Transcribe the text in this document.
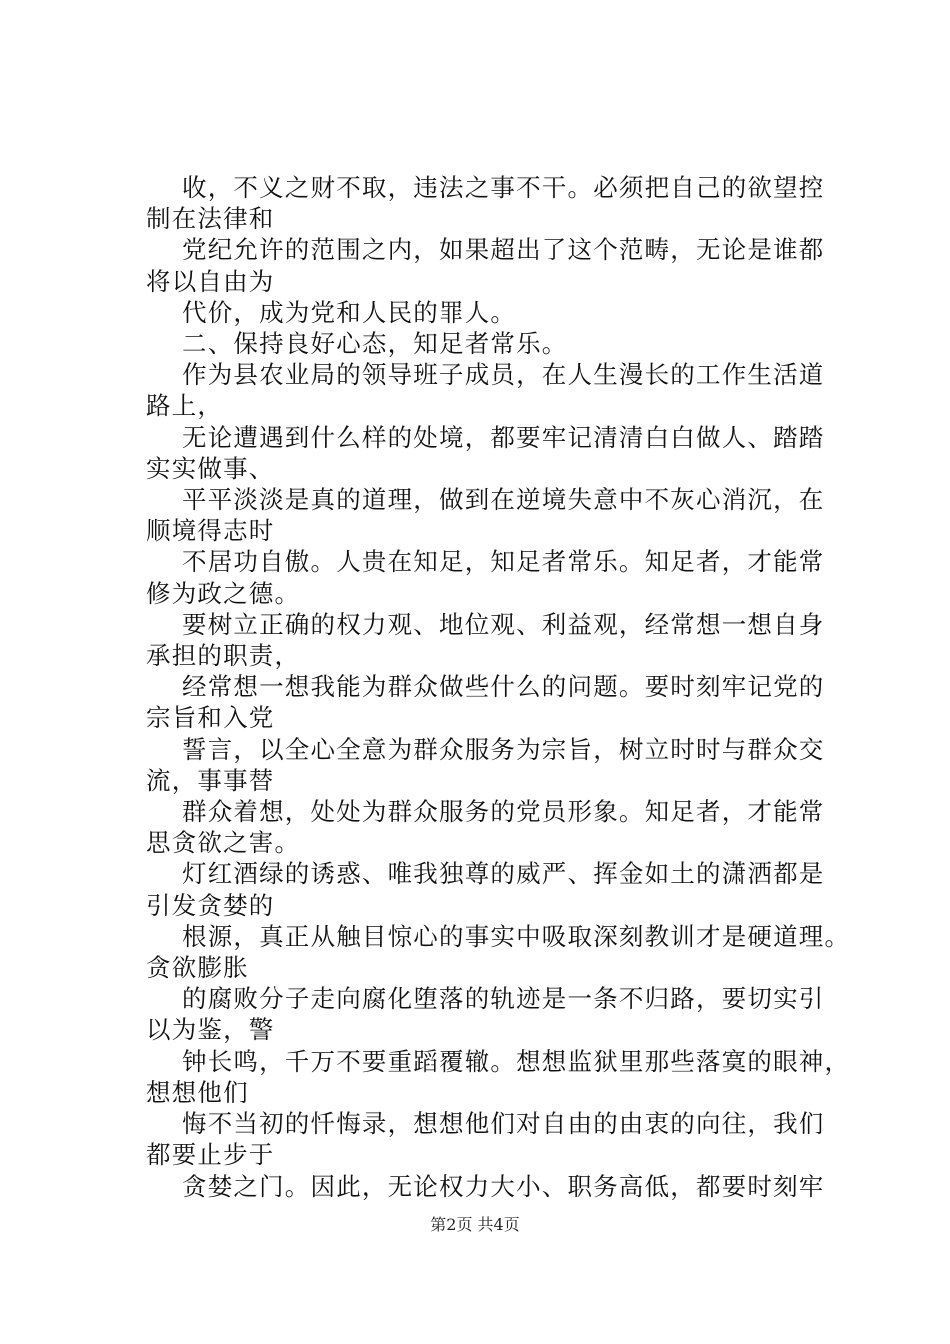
收，不义之财不取，违法之事不干。必须把自己的欲望控
制在法律和
党纪允许的范围之内，如果超出了这个范畴，无论是谁都
将以自由为
代价，成为党和人民的罪人。
二、保持良好心态，知足者常乐。
作为县农业局的领导班子成员，在人生漫长的工作生活道
路上，
无论遭遇到什么样的处境，都要牢记清清白白做人、踏踏
实实做事、
平平淡淡是真的道理，做到在逆境失意中不灰心消沉，在
顺境得志时
不居功自傲。人贵在知足，知足者常乐。知足者，才能常
修为政之德。
要树立正确的权力观、地位观、利益观，经常想一想自身
承担的职责，
经常想一想我能为群众做些什么的问题。要时刻牢记党的
宗旨和入党
誓言，以全心全意为群众服务为宗旨，树立时时与群众交
流，事事替
群众着想，处处为群众服务的党员形象。知足者，才能常
思贪欲之害。
灯红酒绿的诱惑、唯我独尊的威严、挥金如土的潇洒都是
引发贪婪的
根源，真正从触目惊心的事实中吸取深刻教训才是硬道理。
贪欲膨胀
的腐败分子走向腐化堕落的轨迹是一条不归路，要切实引
以为鉴，警
钟长鸣，千万不要重蹈覆辙。想想监狱里那些落寞的眼神，
想想他们
悔不当初的忏悔录，想想他们对自由的由衷的向往，我们
都要止步于
贪婪之门。因此，无论权力大小、职务高低，都要时刻牢
第2页 共4页
